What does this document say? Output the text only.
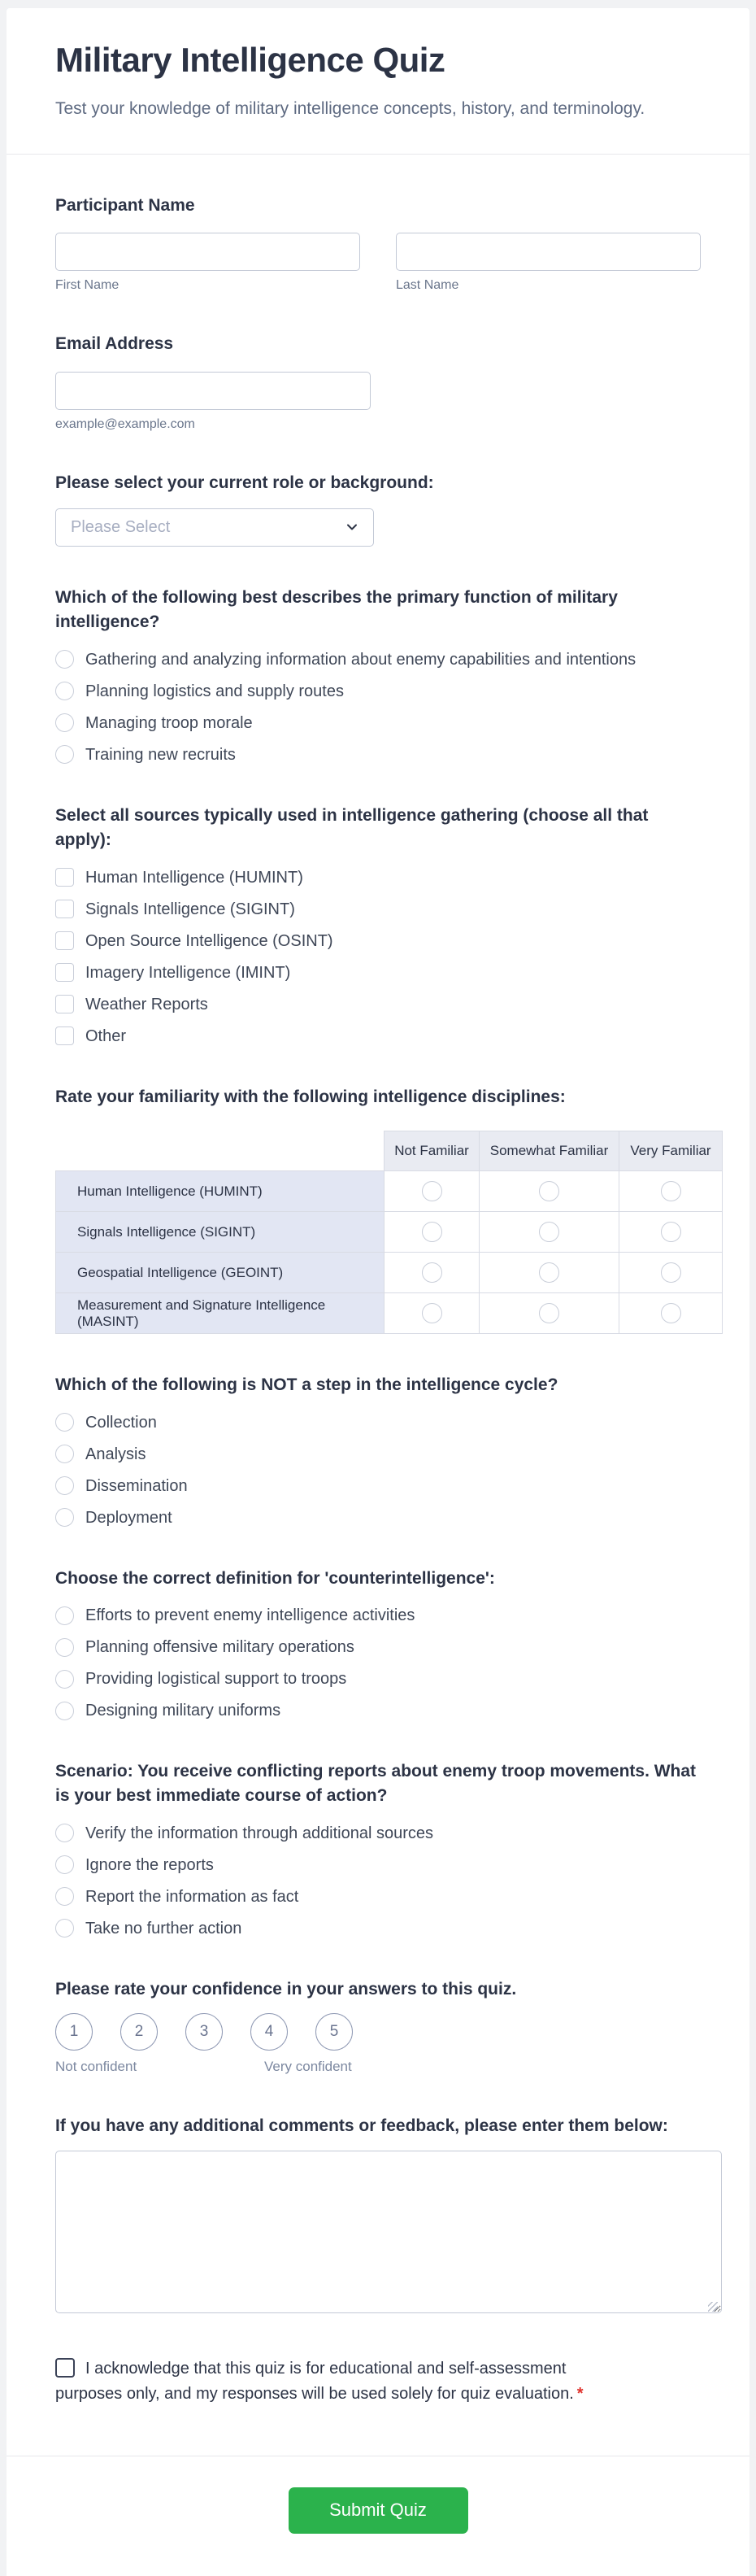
Military Intelligence Quiz
Test your knowledge of military intelligence concepts, history, and terminology.
Participant Name
First Name	Last Name
Email Address
example@example.com
Please select your current role or background:
Please Select
Which of the following best describes the primary function of military intelligence?
Gathering and analyzing information about enemy capabilities and intentions
Planning logistics and supply routes
Managing troop morale
Training new recruits
Select all sources typically used in intelligence gathering (choose all that apply):
Human Intelligence (HUMINT)
Signals Intelligence (SIGINT)
Open Source Intelligence (OSINT)
Imagery Intelligence (IMINT)
Weather Reports
Other
Rate your familiarity with the following intelligence disciplines:
	Not Familiar	Somewhat Familiar	Very Familiar
Human Intelligence (HUMINT)			
Signals Intelligence (SIGINT)			
Geospatial Intelligence (GEOINT)			
Measurement and Signature Intelligence (MASINT)			
Which of the following is NOT a step in the intelligence cycle?
Collection
Analysis
Dissemination
Deployment
Choose the correct definition for 'counterintelligence':
Efforts to prevent enemy intelligence activities
Planning offensive military operations
Providing logistical support to troops
Designing military uniforms
Scenario: You receive conflicting reports about enemy troop movements. What is your best immediate course of action?
Verify the information through additional sources
Ignore the reports
Report the information as fact
Take no further action
Please rate your confidence in your answers to this quiz.
1	2	3	4	5
Not confident	Very confident
If you have any additional comments or feedback, please enter them below:
I acknowledge that this quiz is for educational and self-assessment purposes only, and my responses will be used solely for quiz evaluation. *
Submit Quiz
